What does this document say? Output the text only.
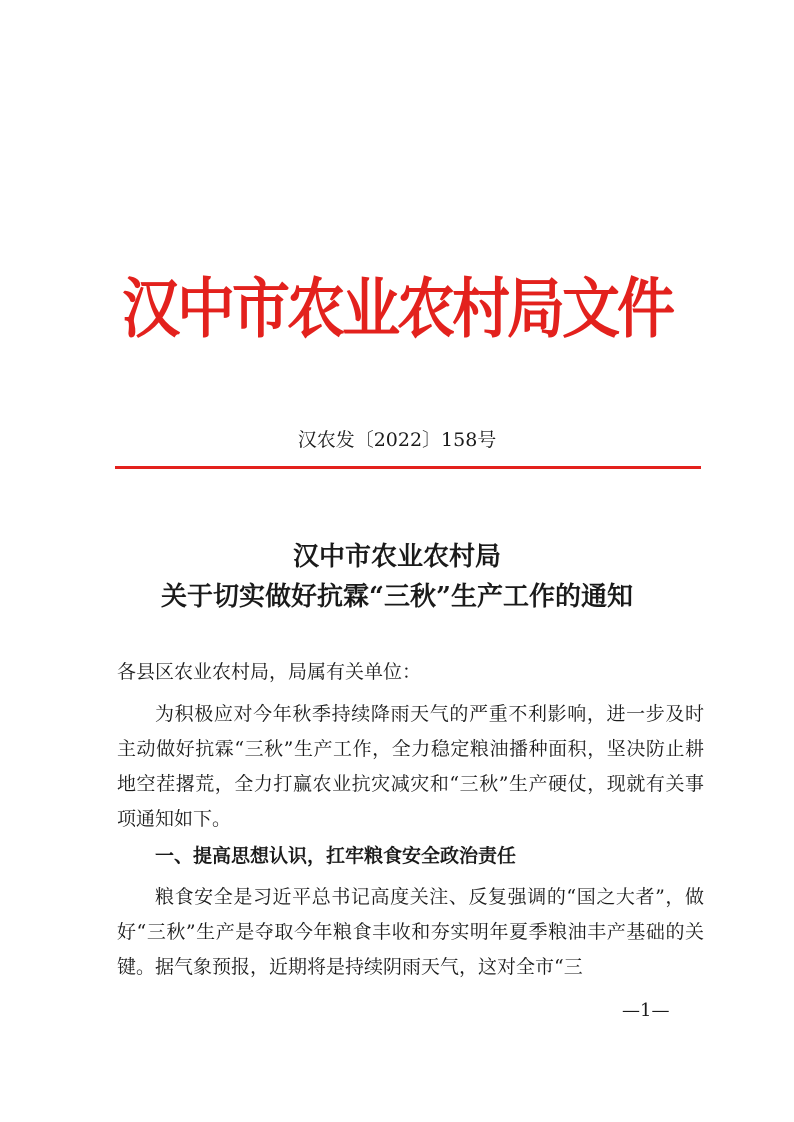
汉中市农业农村局文件
汉农发〔2022〕158号
汉中市农业农村局
关于切实做好抗霖“三秋”生产工作的通知
各县区农业农村局，局属有关单位：
为积极应对今年秋季持续降雨天气的严重不利影响，进一步及时主动做好抗霖“三秋”生产工作，全力稳定粮油播种面积，坚决防止耕地空茬撂荒，全力打赢农业抗灾减灾和“三秋”生产硬仗，现就有关事项通知如下。
一、提高思想认识，扛牢粮食安全政治责任
粮食安全是习近平总书记高度关注、反复强调的“国之大者”，做好“三秋”生产是夺取今年粮食丰收和夯实明年夏季粮油丰产基础的关键。据气象预报，近期将是持续阴雨天气，这对全市“三
—1—
